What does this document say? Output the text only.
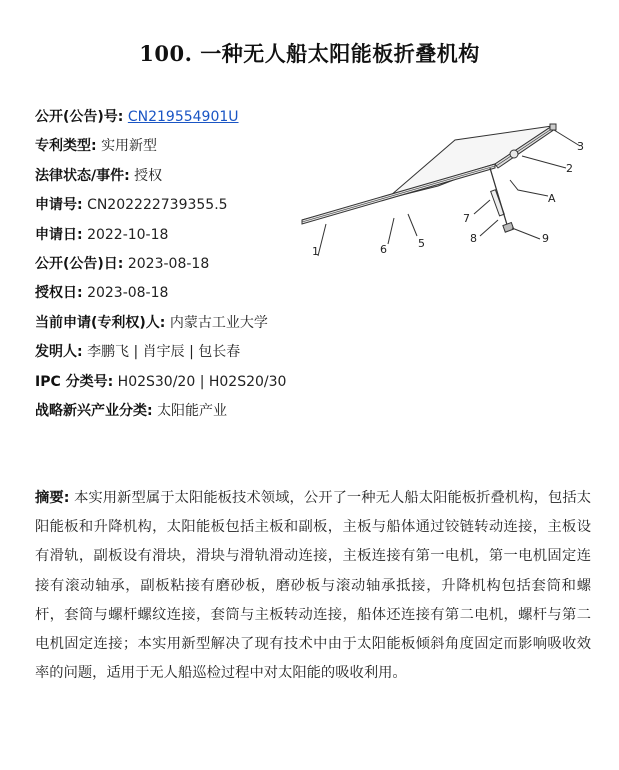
100. 一种无人船太阳能板折叠机构
公开(公告)号: CN219554901U
专利类型: 实用新型
法律状态/事件: 授权
申请号: CN202222739355.5
申请日: 2022-10-18
公开(公告)日: 2023-08-18
授权日: 2023-08-18
当前申请(专利权)人: 内蒙古工业大学
发明人: 李鹏飞 | 肖宇辰 | 包长春
IPC 分类号: H02S30/20 | H02S20/30
战略新兴产业分类: 太阳能产业
1	6	5
7
8	9
A
2
3
摘要: 本实用新型属于太阳能板技术领域，公开了一种无人船太阳能板折叠机构，包括太阳能板和升降机构，太阳能板包括主板和副板，主板与船体通过铰链转动连接，主板设有滑轨，副板设有滑块，滑块与滑轨滑动连接，主板连接有第一电机，第一电机固定连接有滚动轴承，副板粘接有磨砂板，磨砂板与滚动轴承抵接，升降机构包括套筒和螺杆，套筒与螺杆螺纹连接，套筒与主板转动连接，船体还连接有第二电机，螺杆与第二电机固定连接；本实用新型解决了现有技术中由于太阳能板倾斜角度固定而影响吸收效率的问题，适用于无人船巡检过程中对太阳能的吸收利用。
